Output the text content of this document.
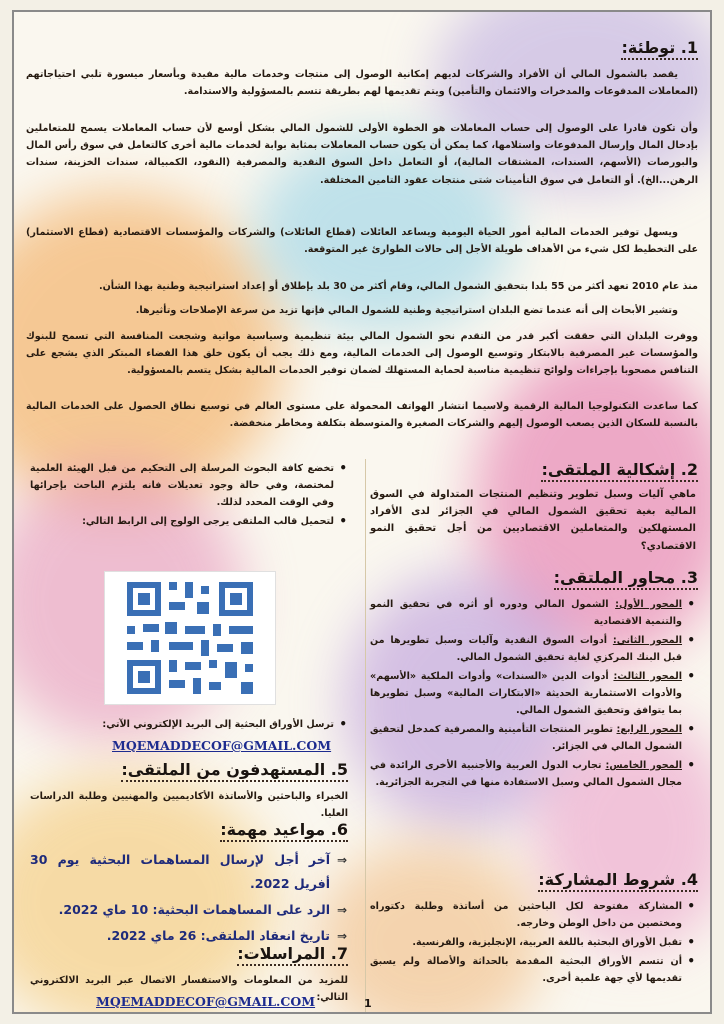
1. توطئة:
يقصد بالشمول المالي أن الأفراد والشركات لديهم إمكانية الوصول إلى منتجات وخدمات مالية مفيدة وبأسعار ميسورة تلبي احتياجاتهم (المعاملات المدفوعات والمدخرات والائتمان والتأمين) ويتم تقديمها لهم بطريقة تتسم بالمسؤولية والاستدامة.
وأن تكون قادرا على الوصول إلى حساب المعاملات هو الخطوة الأولى للشمول المالي بشكل أوسع لأن حساب المعاملات يسمح للمتعاملين بإدخال المال وإرسال المدفوعات واستلامها، كما يمكن أن يكون حساب المعاملات بمثابة بوابة لخدمات مالية أخرى كالتعامل في سوق رأس المال والبورصات (الأسهم، السندات، المشتقات المالية)، أو التعامل داخل السوق النقدية والمصرفية (النقود، الكمبيالة، سندات الخزينة، سندات الرهن...الخ). أو التعامل في سوق التأمينات شتى منتجات عقود التامين المختلفة.
ويسهل توفير الخدمات المالية أمور الحياة اليومية ويساعد العائلات (قطاع العائلات) والشركات والمؤسسات الاقتصادية (قطاع الاستثمار) على التخطيط لكل شيء من الأهداف طويلة الأجل إلى حالات الطوارئ غير المتوقعة.
منذ عام 2010 تعهد أكثر من 55 بلدا بتحقيق الشمول المالي، وقام أكثر من 30 بلد بإطلاق أو إعداد استراتيجية وطنية بهذا الشأن.
وتشير الأبحاث إلى أنه عندما تضع البلدان استراتيجية وطنية للشمول المالي فإنها تزيد من سرعة الإصلاحات وتأثيرها.
ووفرت البلدان التي حققت أكبر قدر من التقدم نحو الشمول المالي بيئة تنظيمية وسياسية مواتية وشجعت المنافسة التي تسمح للبنوك والمؤسسات غير المصرفية بالابتكار وتوسيع الوصول إلى الخدمات المالية، ومع ذلك يجب أن يكون خلق هذا الفضاء المبتكر الذي يشجع على التنافس مصحوبا بإجراءات ولوائح تنظيمية مناسبة لحماية المستهلك لضمان توفير الخدمات المالية بشكل يتسم بالمسؤولية.
كما ساعدت التكنولوجيا المالية الرقمية ولاسيما انتشار الهواتف المحمولة على مستوى العالم في توسيع نطاق الحصول على الخدمات المالية بالنسبة للسكان الذين يصعب الوصول إليهم والشركات الصغيرة والمتوسطة بتكلفة ومخاطر منخفضة.
2. إشكالية الملتقى:
ماهي آليات وسبل تطوير وتنظيم المنتجات المتداولة في السوق المالية بغية تحقيق الشمول المالي في الجزائر لدى الأفراد المستهلكين والمتعاملين الاقتصاديين من أجل تحقيق النمو الاقتصادي؟
3. محاور الملتقى:
• المحور الأول: الشمول المالي ودوره أو أثره في تحقيق النمو والتنمية الاقتصادية
• المحور الثاني: أدوات السوق النقدية وآليات وسبل تطويرها من قبل البنك المركزي لغاية تحقيق الشمول المالي.
• المحور الثالث: أدوات الدين «السندات» وأدوات الملكية «الأسهم» والأدوات الاستثمارية الحديثة «الابتكارات المالية» وسبل تطويرها بما يتوافق وتحقيق الشمول المالي.
• المحور الرابع: تطوير المنتجات التأمينية والمصرفية كمدخل لتحقيق الشمول المالي في الجزائر.
• المحور الخامس: تجارب الدول العربية والأجنبية الأخرى الرائدة في مجال الشمول المالي وسبل الاستفادة منها في التجربة الجزائرية.
4. شروط المشاركة:
• المشاركة مفتوحة لكل الباحثين من أساتذة وطلبة دكتوراه ومختصين من داخل الوطن وخارجه.
• تقبل الأوراق البحثية باللغة العربية، الإنجليزية، والفرنسية.
• أن تتسم الأوراق البحثية المقدمة بالحداثة والأصالة ولم يسبق تقديمها لأي جهة علمية أخرى.
• تخضع كافة البحوث المرسلة إلى التحكيم من قبل الهيئة العلمية لمختصة، وفي حالة وجود تعديلات فانه يلتزم الباحث بإجرائها وفي الوقت المحدد لذلك.
• لتحميل قالب الملتقى يرجى الولوج إلى الرابط التالي:
• ترسل الأوراق البحثية إلى البريد الإلكتروني الآتي:
MQEMADDECOF@GMAIL.COM
5. المستهدفون من الملتقى:
الخبراء والباحثين والأساتذة الأكاديميين والمهنيين وطلبة الدراسات العليا.
6. مواعيد مهمة:
⇒ آخر أجل لإرسال المساهمات البحثية يوم 30 أفريل 2022.
⇒ الرد على المساهمات البحثية: 10 ماي 2022.
⇒ تاريخ انعقاد الملتقى: 26 ماي 2022.
7. المراسلات:
للمزيد من المعلومات والاستفسار الاتصال عبر البريد الالكتروني التالي:
MQEMADDECOF@GMAIL.COM	1
